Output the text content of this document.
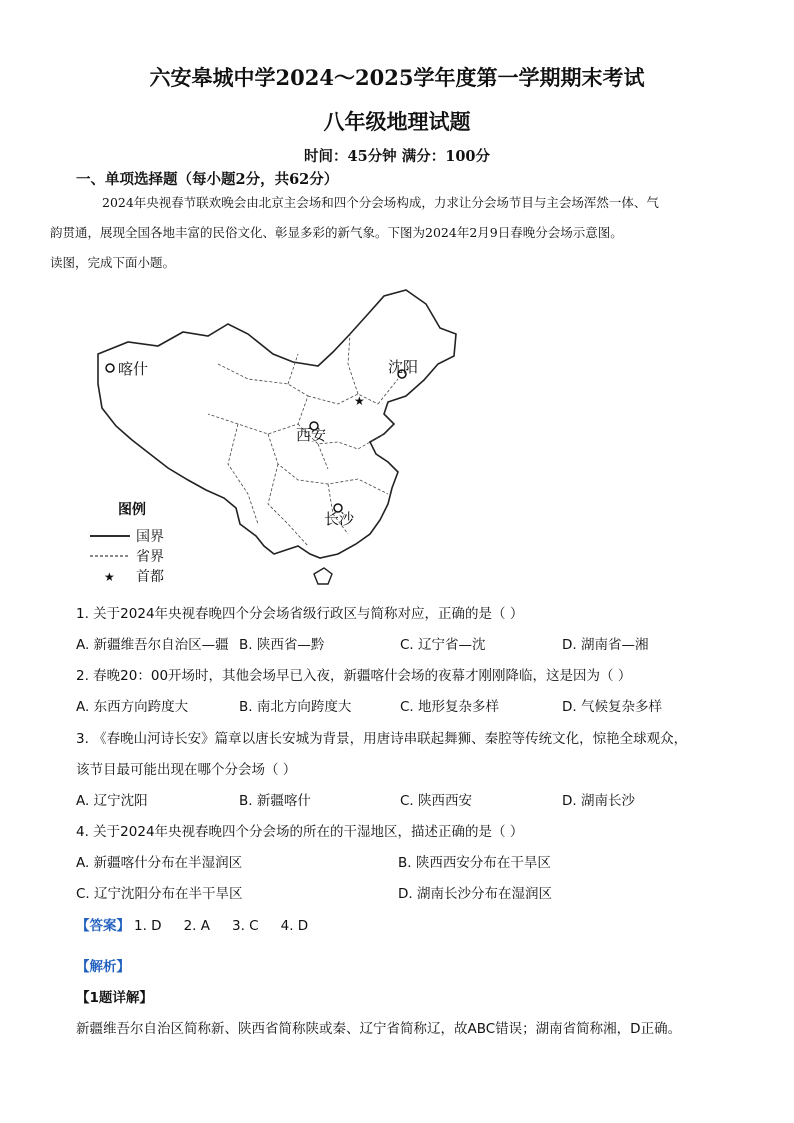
六安皋城中学2024～2025学年度第一学期期末考试
八年级地理试题
时间：45分钟 满分：100分
一、单项选择题（每小题2分，共62分）

2024年央视春节联欢晚会由北京主会场和四个分会场构成，力求让分会场节目与主会场浑然一体、气

韵贯通，展现全国各地丰富的民俗文化、彰显多彩的新气象。下图为2024年2月9日春晚分会场示意图。

读图，完成下面小题。

★
喀什	沈阳
西安
长沙
图例
国界
省界
★ 首都
1. 关于2024年央视春晚四个分会场省级行政区与简称对应，正确的是（ ）
A. 新疆维吾尔自治区—疆 B. 陕西省—黔	C. 辽宁省—沈	D. 湖南省—湘
2. 春晚20：00开场时，其他会场早已入夜，新疆喀什会场的夜幕才刚刚降临，这是因为（ ）
A. 东西方向跨度大	B. 南北方向跨度大	C. 地形复杂多样	D. 气候复杂多样
3. 《春晚山河诗长安》篇章以唐长安城为背景，用唐诗串联起舞狮、秦腔等传统文化，惊艳全球观众，
该节目最可能出现在哪个分会场（ ）
A. 辽宁沈阳	B. 新疆喀什	C. 陕西西安	D. 湖南长沙
4. 关于2024年央视春晚四个分会场的所在的干湿地区，描述正确的是（ ）
A. 新疆喀什分布在半湿润区	B. 陕西西安分布在干旱区
C. 辽宁沈阳分布在半干旱区	D. 湖南长沙分布在湿润区
【答案】 1. D 2. A 3. C 4. D
【解析】
【1题详解】
新疆维吾尔自治区简称新、陕西省简称陕或秦、辽宁省简称辽，故ABC错误；湖南省简称湘，D正确。
